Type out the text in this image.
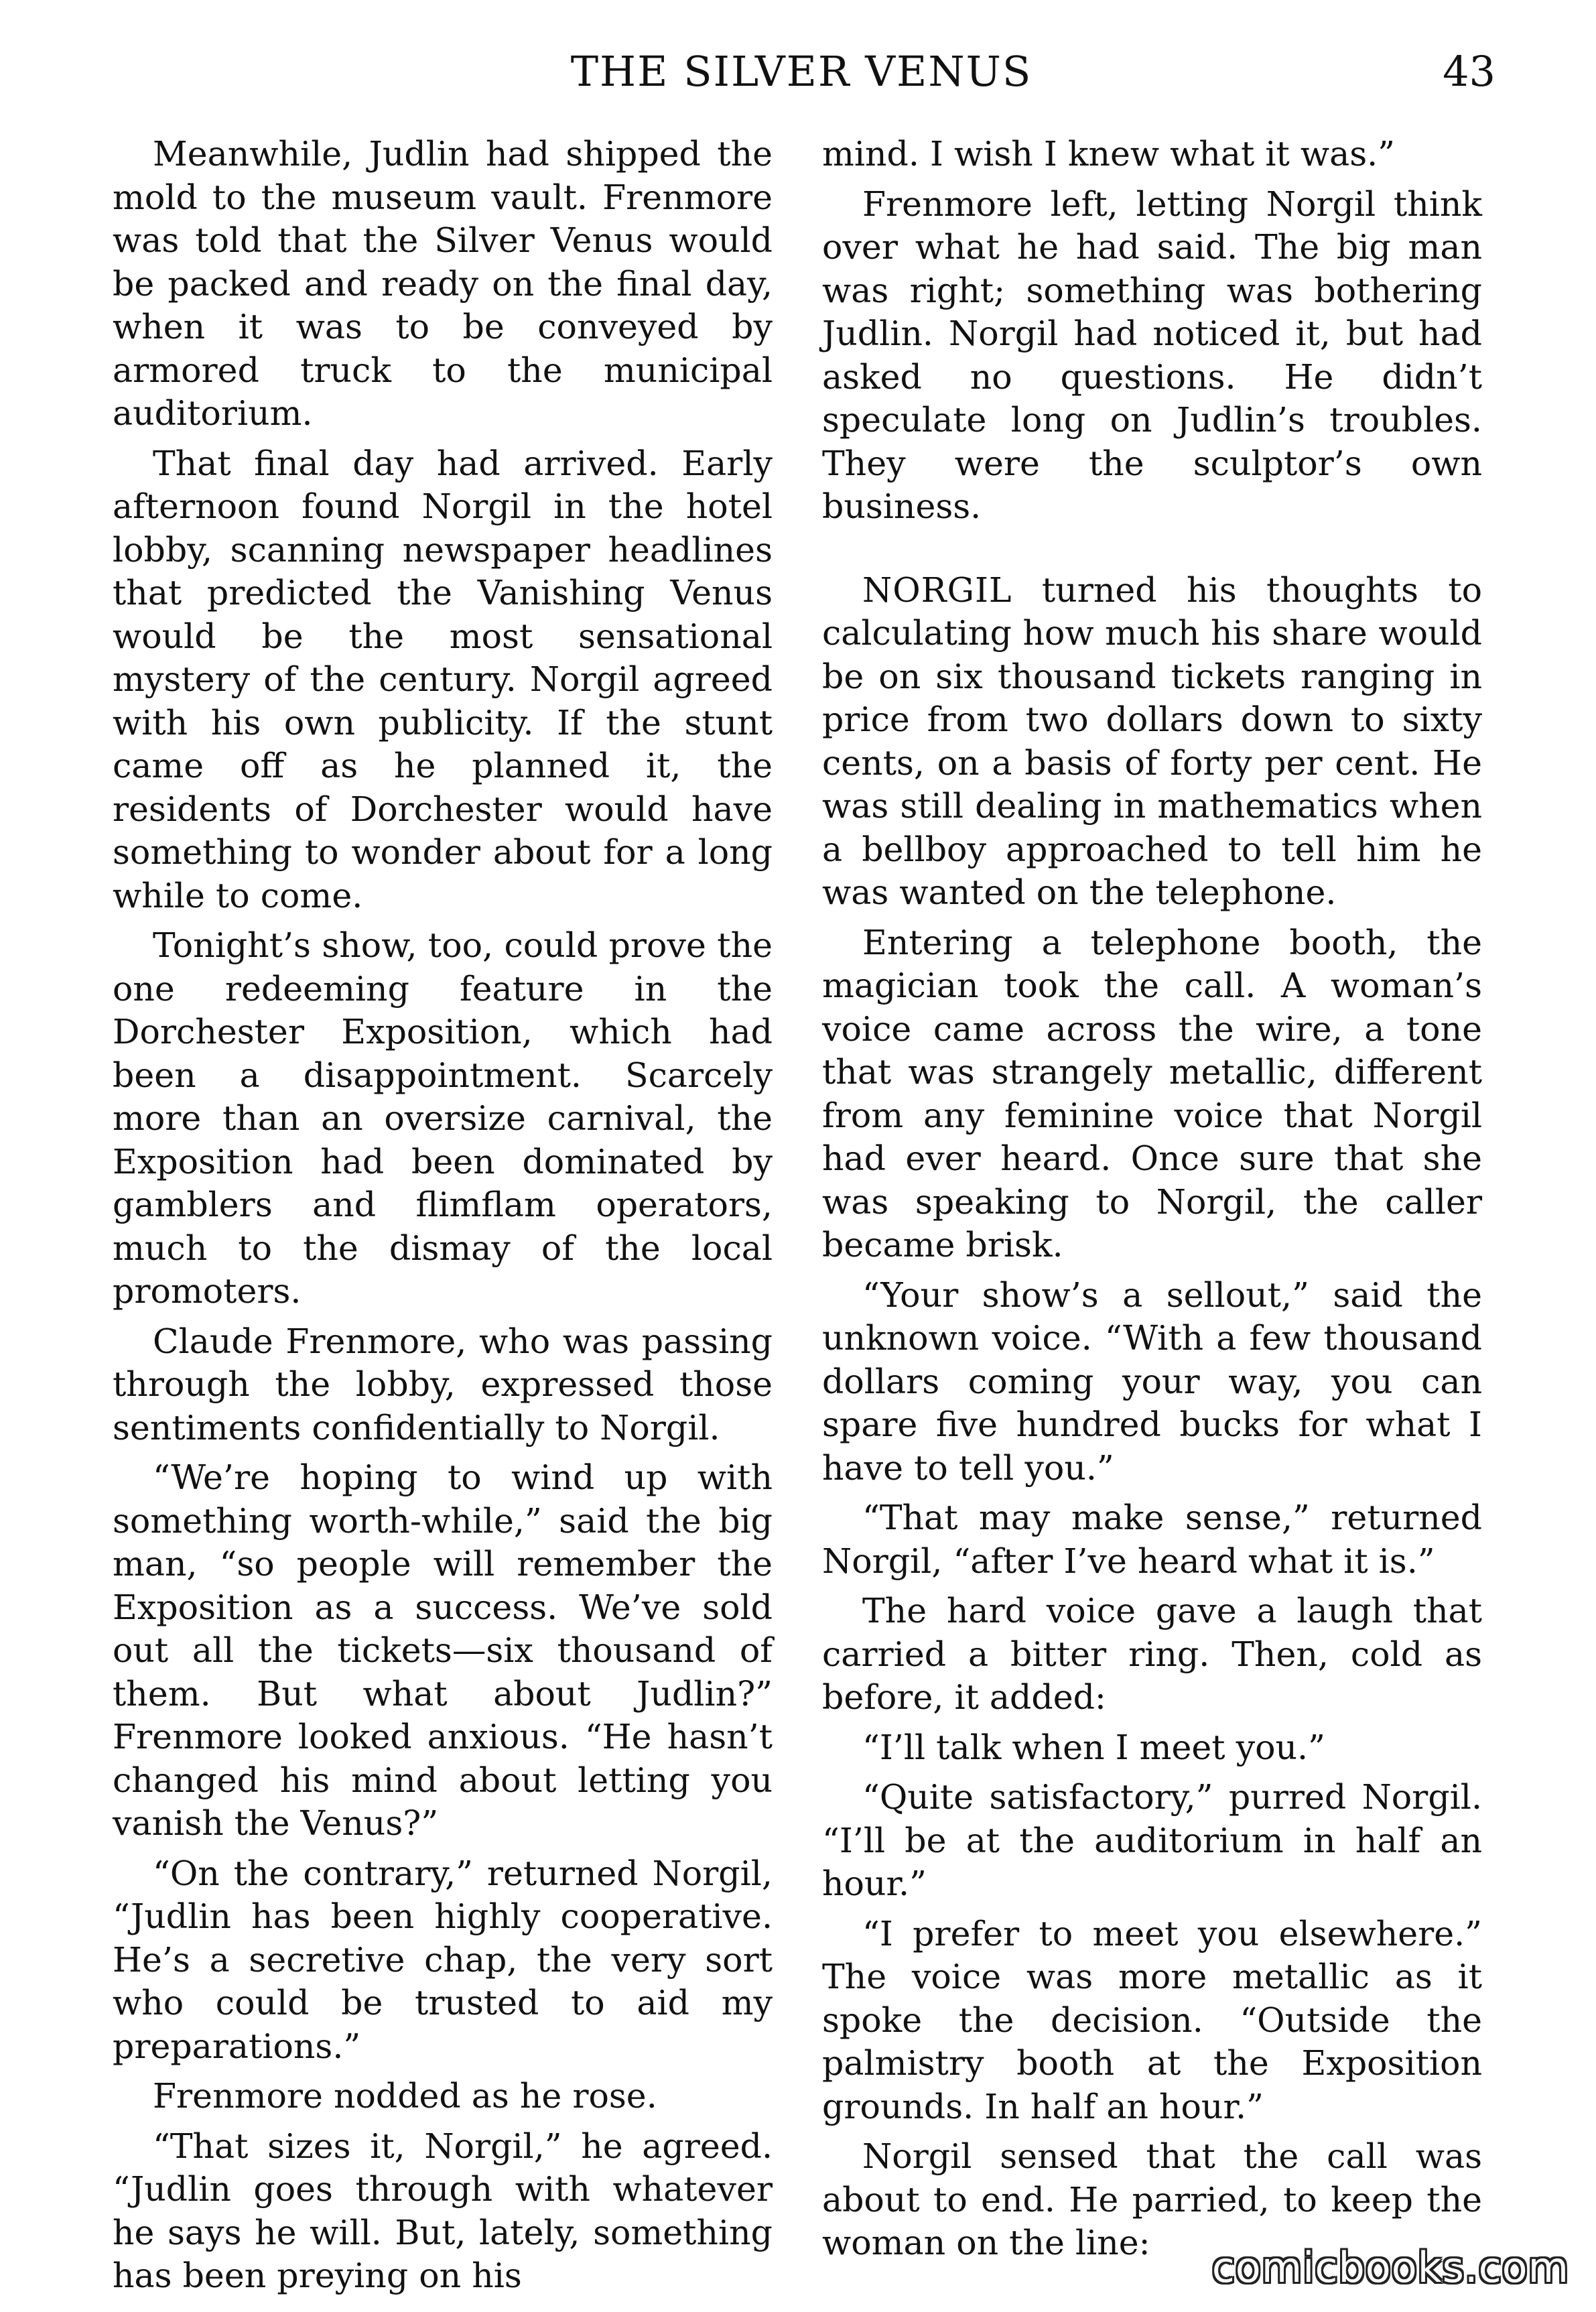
THE SILVER VENUS	43

Meanwhile, Judlin had shipped the mold to the museum vault. Frenmore was told that the Silver Venus would be packed and ready on the final day, when it was to be conveyed by armored truck to the municipal auditorium.

That final day had arrived. Early afternoon found Norgil in the hotel lobby, scanning newspaper headlines that predicted the Vanishing Venus would be the most sensational mystery of the century. Norgil agreed with his own publicity. If the stunt came off as he planned it, the residents of Dorchester would have something to wonder about for a long while to come.

Tonight’s show, too, could prove the one redeeming feature in the Dorchester Exposition, which had been a disappointment. Scarcely more than an oversize carnival, the Exposition had been dominated by gamblers and flimflam operators, much to the dismay of the local promoters.

Claude Frenmore, who was passing through the lobby, expressed those sentiments confidentially to Norgil.

“We’re hoping to wind up with something worth-while,” said the big man, “so people will remember the Exposition as a success. We’ve sold out all the tickets—six thousand of them. But what about Judlin?” Frenmore looked anxious. “He hasn’t changed his mind about letting you vanish the Venus?”

“On the contrary,” returned Norgil, “Judlin has been highly cooperative. He’s a secretive chap, the very sort who could be trusted to aid my preparations.”

Frenmore nodded as he rose.

“That sizes it, Norgil,” he agreed. “Judlin goes through with whatever he says he will. But, lately, something has been preying on his

mind. I wish I knew what it was.”

Frenmore left, letting Norgil think over what he had said. The big man was right; something was bothering Judlin. Norgil had noticed it, but had asked no questions. He didn’t speculate long on Judlin’s troubles. They were the sculptor’s own business.

NORGIL turned his thoughts to calculating how much his share would be on six thousand tickets ranging in price from two dollars down to sixty cents, on a basis of forty per cent. He was still dealing in mathematics when a bellboy approached to tell him he was wanted on the telephone.

Entering a telephone booth, the magician took the call. A woman’s voice came across the wire, a tone that was strangely metallic, different from any feminine voice that Norgil had ever heard. Once sure that she was speaking to Norgil, the caller became brisk.

“Your show’s a sellout,” said the unknown voice. “With a few thousand dollars coming your way, you can spare five hundred bucks for what I have to tell you.”

“That may make sense,” returned Norgil, “after I’ve heard what it is.”

The hard voice gave a laugh that carried a bitter ring. Then, cold as before, it added:

“I’ll talk when I meet you.”

“Quite satisfactory,” purred Norgil. “I’ll be at the auditorium in half an hour.”

“I prefer to meet you elsewhere.” The voice was more metallic as it spoke the decision. “Outside the palmistry booth at the Exposition grounds. In half an hour.”

Norgil sensed that the call was about to end. He parried, to keep the woman on the line:

comicbooks.com
